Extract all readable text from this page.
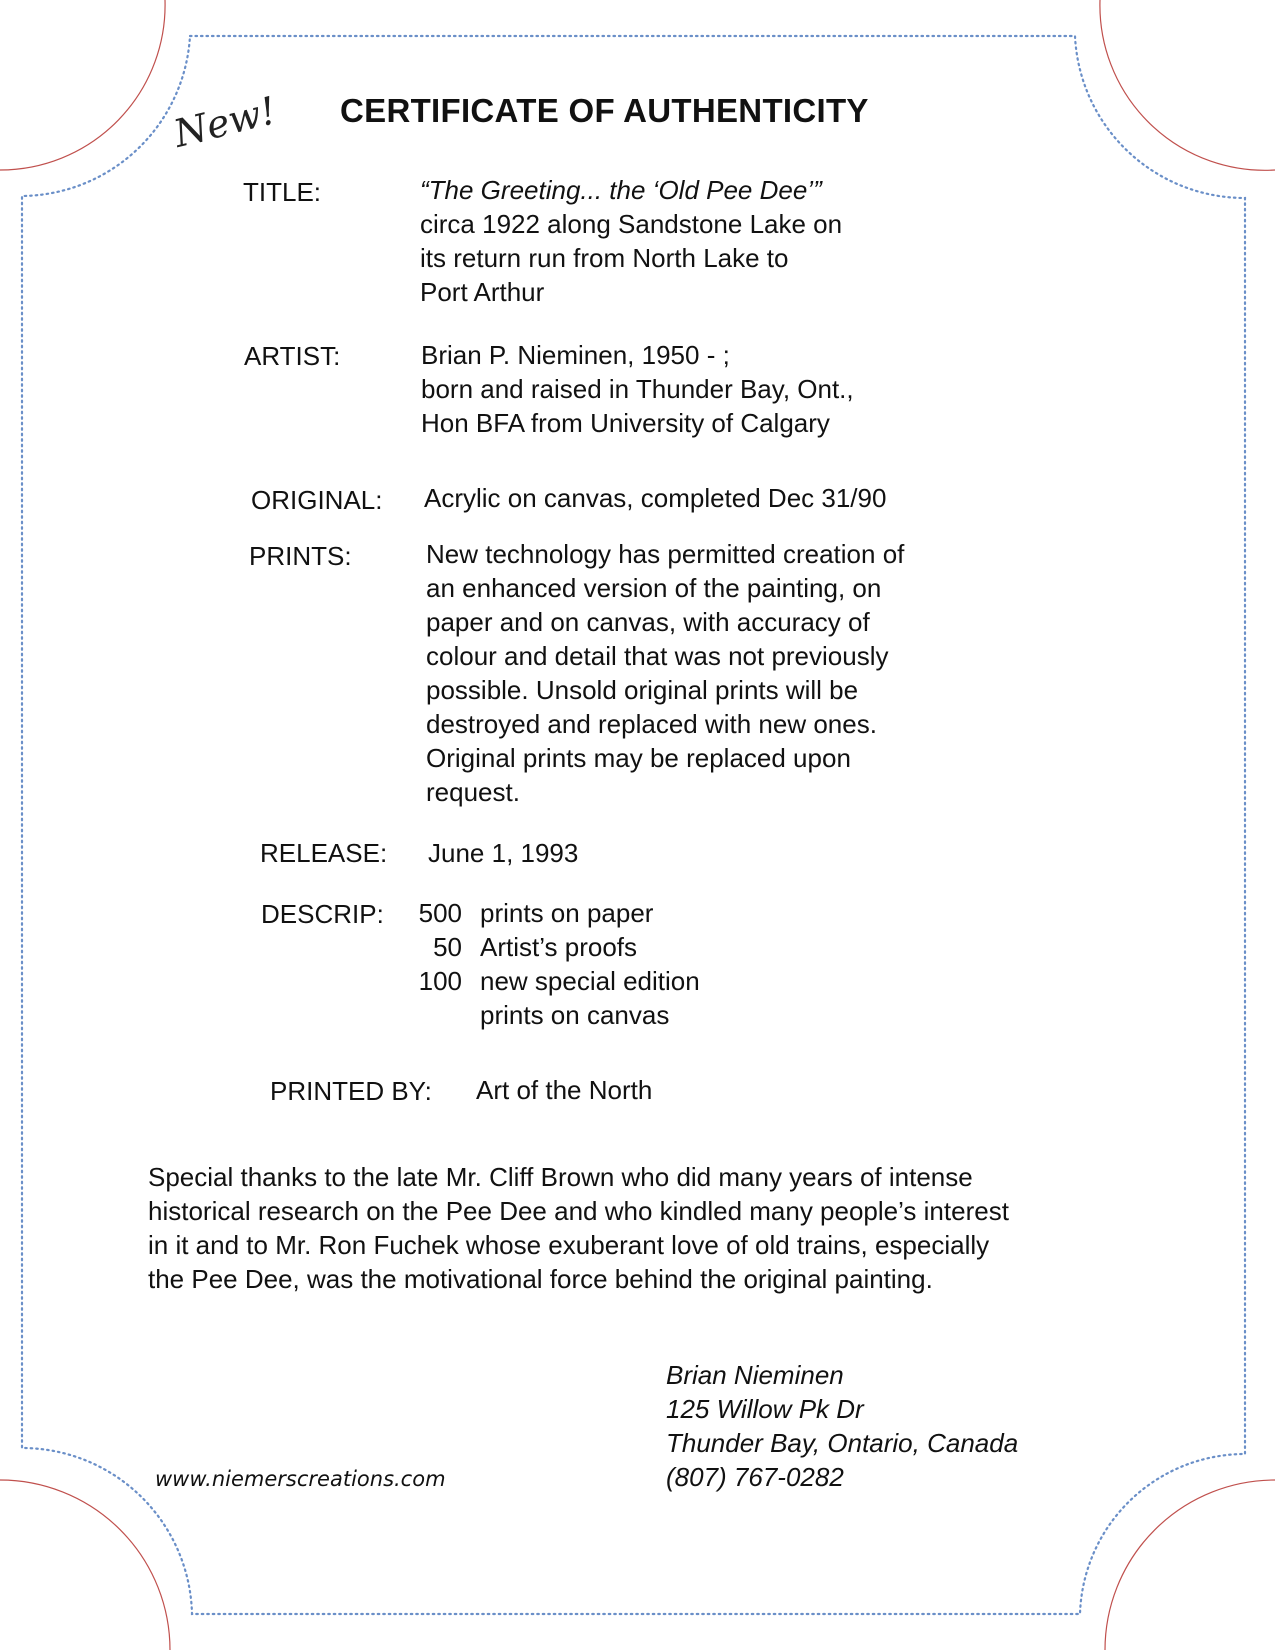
CERTIFICATE OF AUTHENTICITY
New!
TITLE:	“The Greeting... the ‘Old Pee Dee’”
circa 1922 along Sandstone Lake on
its return run from North Lake to
Port Arthur
ARTIST:	Brian P. Nieminen, 1950 - ;
born and raised in Thunder Bay, Ont.,
Hon BFA from University of Calgary
ORIGINAL: Acrylic on canvas, completed Dec 31/90
PRINTS:	New technology has permitted creation of
an enhanced version of the painting, on
paper and on canvas, with accuracy of
colour and detail that was not previously
possible. Unsold original prints will be
destroyed and replaced with new ones.
Original prints may be replaced upon
request.
RELEASE: June 1, 1993
DESCRIP: 500 prints on paper
50 Artist’s proofs
100 new special edition
prints on canvas
PRINTED BY: Art of the North
Special thanks to the late Mr. Cliff Brown who did many years of intense
historical research on the Pee Dee and who kindled many people’s interest
in it and to Mr. Ron Fuchek whose exuberant love of old trains, especially
the Pee Dee, was the motivational force behind the original painting.
Brian Nieminen
125 Willow Pk Dr
Thunder Bay, Ontario, Canada
(807) 767-0282
www.niemerscreations.com
